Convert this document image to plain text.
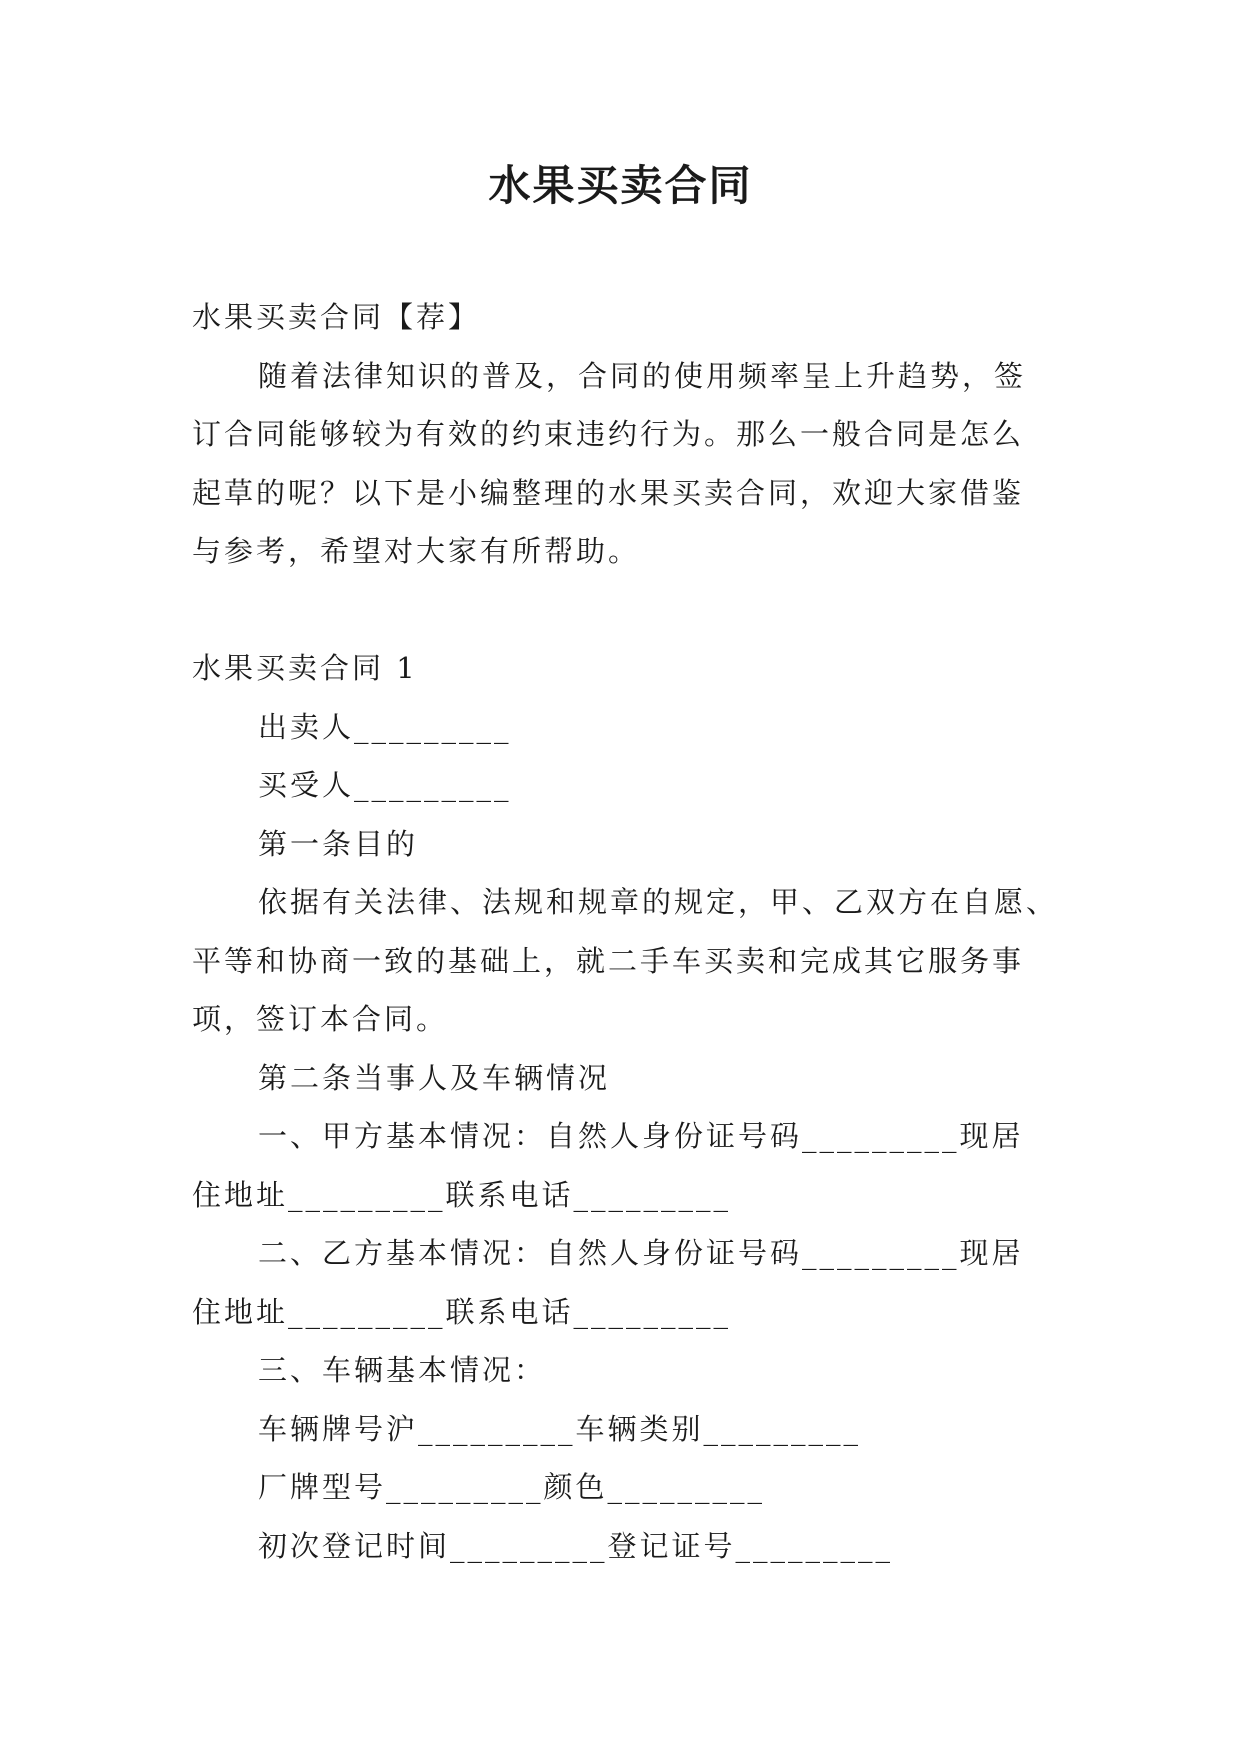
水果买卖合同
水果买卖合同【荐】
随着法律知识的普及，合同的使用频率呈上升趋势，签
订合同能够较为有效的约束违约行为。那么一般合同是怎么
起草的呢？以下是小编整理的水果买卖合同，欢迎大家借鉴
与参考，希望对大家有所帮助。
水果买卖合同 1
出卖人_________
买受人_________
第一条目的
依据有关法律、法规和规章的规定，甲、乙双方在自愿、
平等和协商一致的基础上，就二手车买卖和完成其它服务事
项，签订本合同。
第二条当事人及车辆情况
一、甲方基本情况：自然人身份证号码_________现居
住地址_________联系电话_________
二、乙方基本情况：自然人身份证号码_________现居
住地址_________联系电话_________
三、车辆基本情况：
车辆牌号沪_________车辆类别_________
厂牌型号_________颜色_________
初次登记时间_________登记证号_________
